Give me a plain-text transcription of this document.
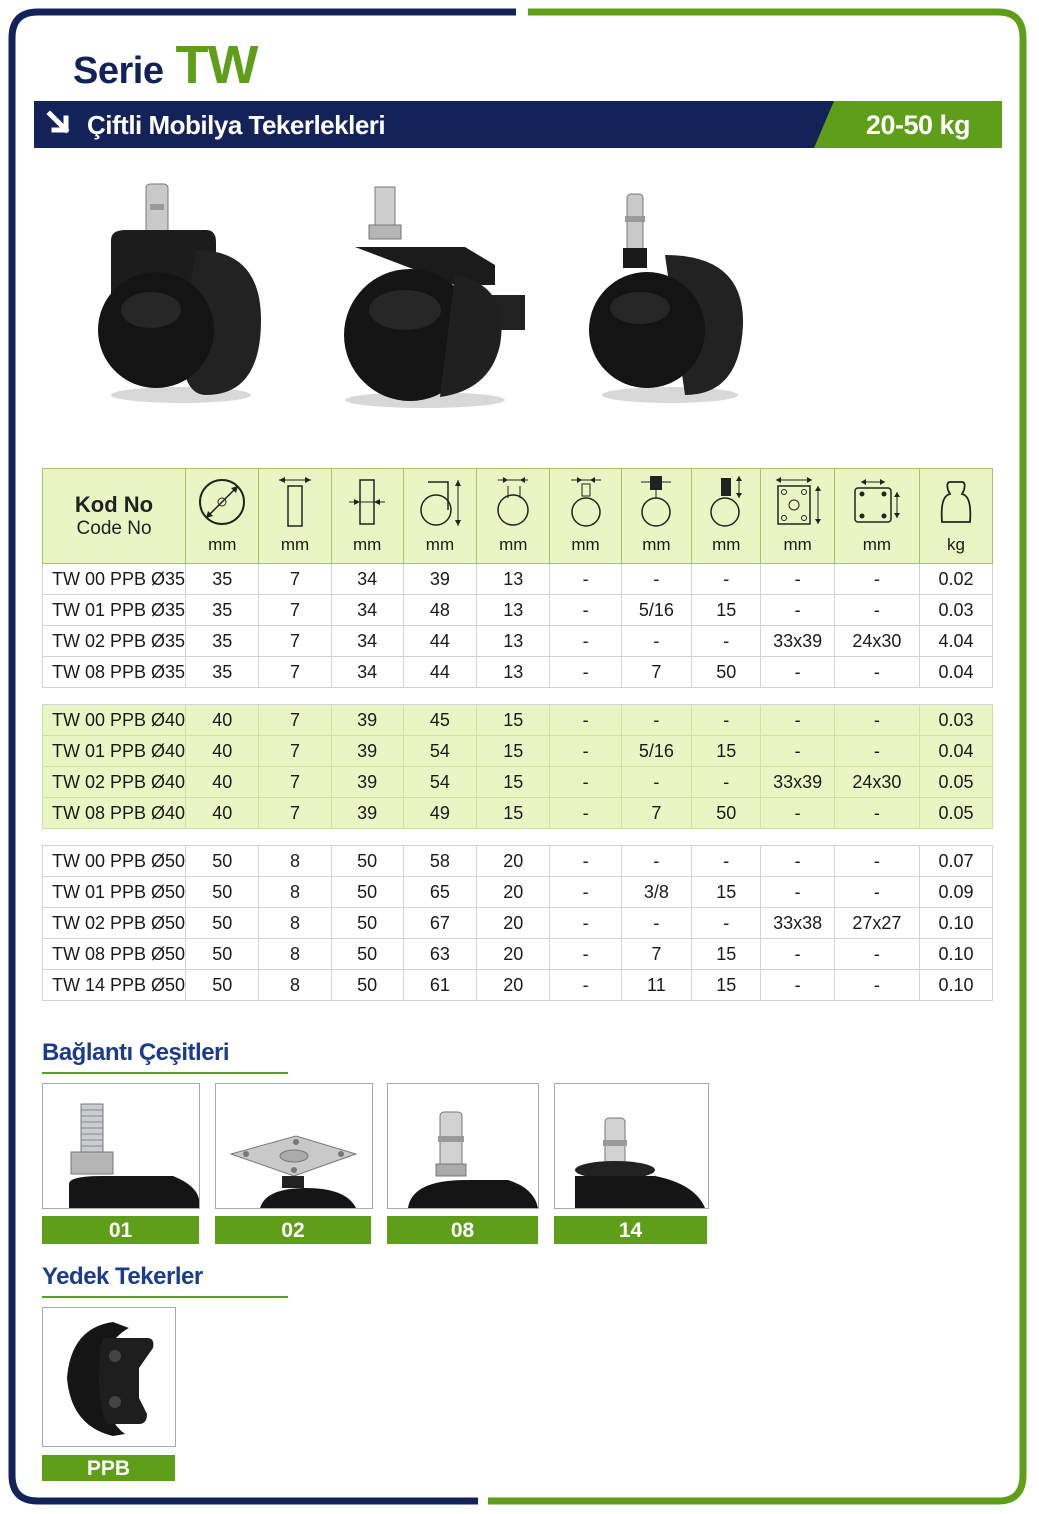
Serie TW
Çiftli Mobilya Tekerlekleri	20-50 kg
Kod No
Code No	mm	mm	mm	mm	mm	mm	mm	mm	mm	mm	kg

TW 00 PPB Ø35	35	7	34	39	13	-	-	-	-	-	0.02
TW 01 PPB Ø35	35	7	34	48	13	-	5/16	15	-	-	0.03
TW 02 PPB Ø35	35	7	34	44	13	-	-	-	33x39	24x30	4.04
TW 08 PPB Ø35	35	7	34	44	13	-	7	50	-	-	0.04

TW 00 PPB Ø40	40	7	39	45	15	-	-	-	-	-	0.03
TW 01 PPB Ø40	40	7	39	54	15	-	5/16	15	-	-	0.04
TW 02 PPB Ø40	40	7	39	54	15	-	-	-	33x39	24x30	0.05
TW 08 PPB Ø40	40	7	39	49	15	-	7	50	-	-	0.05

TW 00 PPB Ø50	50	8	50	58	20	-	-	-	-	-	0.07
TW 01 PPB Ø50	50	8	50	65	20	-	3/8	15	-	-	0.09
TW 02 PPB Ø50	50	8	50	67	20	-	-	-	33x38	27x27	0.10
TW 08 PPB Ø50	50	8	50	63	20	-	7	15	-	-	0.10
TW 14 PPB Ø50	50	8	50	61	20	-	11	15	-	-	0.10
Bağlantı Çeşitleri
01	02	08	14
Yedek Tekerler
PPB
